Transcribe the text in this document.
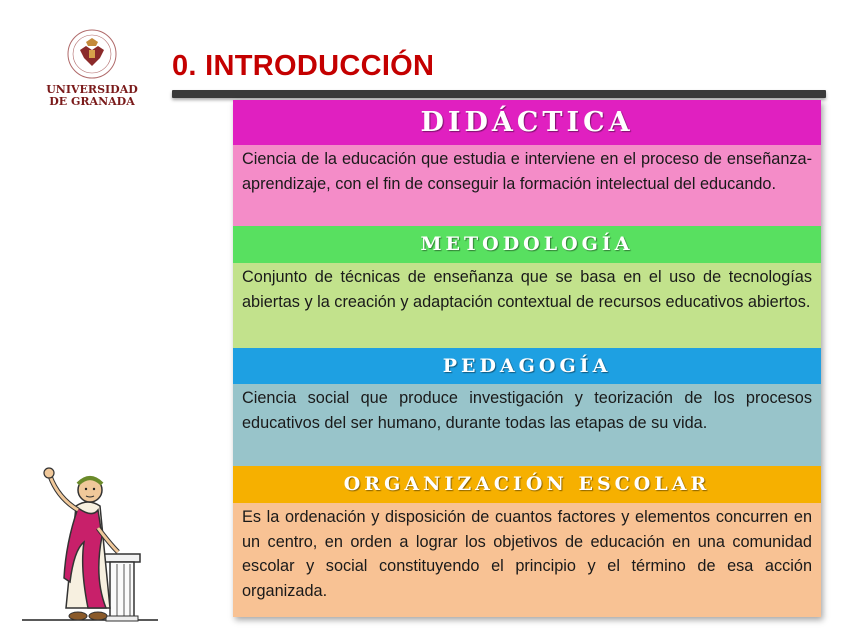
UNIVERSIDAD
DE GRANADA
0. INTRODUCCIÓN
DIDÁCTICA
Ciencia de la educación que estudia e interviene en el proceso de enseñanza-aprendizaje, con el fin de conseguir la formación intelectual del educando.
METODOLOGÍA
Conjunto de técnicas de enseñanza que se basa en el uso de tecnologías abiertas y la creación y adaptación contextual de recursos educativos abiertos.
PEDAGOGÍA
Ciencia social que produce investigación y teorización de los procesos educativos del ser humano, durante todas las etapas de su vida.
ORGANIZACIÓN ESCOLAR
Es la ordenación y disposición de cuantos factores y elementos concurren en un centro, en orden a lograr los objetivos de educación en una comunidad escolar y social constituyendo el principio y el término de esa acción organizada.
